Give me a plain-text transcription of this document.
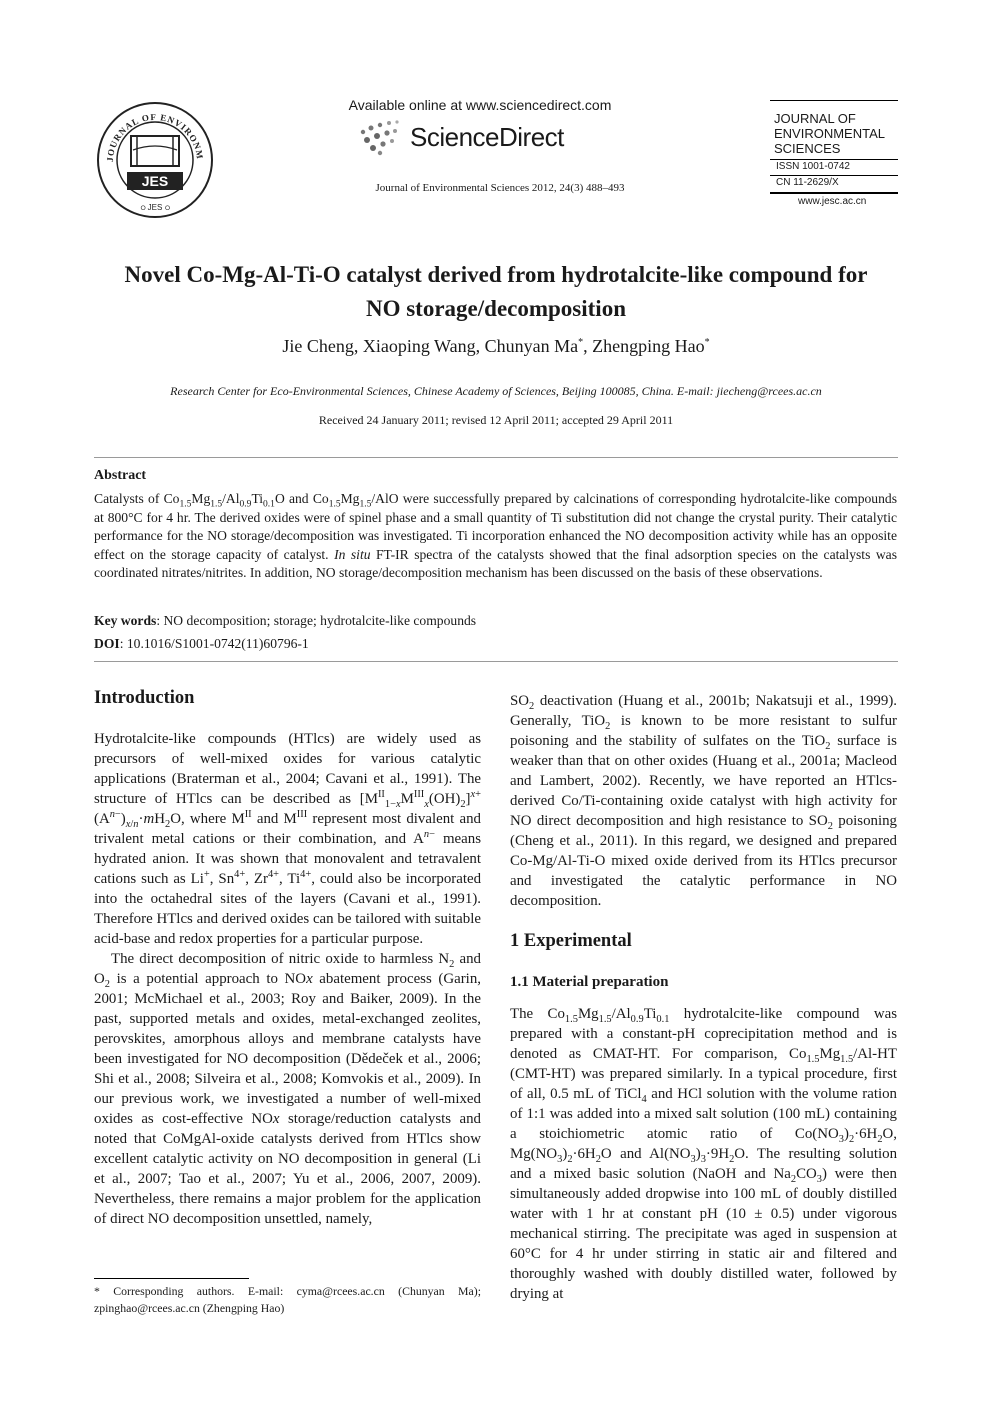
JOURNAL OF ENVIRONM
JES
ഠ JES ഠ
Available online at www.sciencedirect.com
ScienceDirect
Journal of Environmental Sciences 2012, 24(3) 488–493
JOURNAL OF
ENVIRONMENTAL
SCIENCES
ISSN 1001-0742
CN 11-2629/X
www.jesc.ac.cn
Novel Co-Mg-Al-Ti-O catalyst derived from hydrotalcite-like compound for
NO storage/decomposition
Jie Cheng, Xiaoping Wang, Chunyan Ma*, Zhengping Hao*
Research Center for Eco-Environmental Sciences, Chinese Academy of Sciences, Beijing 100085, China. E-mail: jiecheng@rcees.ac.cn
Received 24 January 2011; revised 12 April 2011; accepted 29 April 2011
Abstract
Catalysts of $Co_{1.5}Mg_{1.5}/Al_{0.9}Ti_{0.1}O$ and $Co_{1.5}Mg_{1.5}$/AlO were successfully prepared by calcinations of corresponding hydrotalcite-like compounds at 800°C for 4 hr. The derived oxides were of spinel phase and a small quantity of Ti substitution did not change the crystal purity. Their catalytic performance for the NO storage/decomposition was investigated. Ti incorporation enhanced the NO decomposition activity while has an opposite effect on the storage capacity of catalyst. In situ FT-IR spectra of the catalysts showed that the final adsorption species on the catalysts was coordinated nitrates/nitrites. In addition, NO storage/decomposition mechanism has been discussed on the basis of these observations.
Key words: NO decomposition; storage; hydrotalcite-like compounds
DOI: 10.1016/S1001-0742(11)60796-1
Introduction

Hydrotalcite-like compounds (HTlcs) are widely used as precursors of well-mixed oxides for various catalytic applications (Braterman et al., 2004; Cavani et al., 1991). The structure of HTlcs can be described as $[M^{II}_{1-x}M^{III}_x(OH)_2]^{x+}(A^{n-})_{x/n}\cdot mH_2O$, where $M^{II}$ and $M^{III}$ represent most divalent and trivalent metal cations or their combination, and $A^{n-}$ means hydrated anion. It was shown that monovalent and tetravalent cations such as Li+, $Sn^{4+}$, $Zr^{4+}$, $Ti^{4+}$, could also be incorporated into the octahedral sites of the layers (Cavani et al., 1991). Therefore HTlcs and derived oxides can be tailored with suitable acid-base and redox properties for a particular purpose.

The direct decomposition of nitric oxide to harmless $N_2$ and $O_2$ is a potential approach to NOx abatement process (Garin, 2001; McMichael et al., 2003; Roy and Baiker, 2009). In the past, supported metals and oxides, metal-exchanged zeolites, perovskites, amorphous alloys and membrane catalysts have been investigated for NO decomposition (Dědeček et al., 2006; Shi et al., 2008; Silveira et al., 2008; Komvokis et al., 2009). In our previous work, we investigated a number of well-mixed oxides as cost-effective NOx storage/reduction catalysts and noted that CoMgAl-oxide catalysts derived from HTlcs show excellent catalytic activity on NO decomposition in general (Li et al., 2007; Tao et al., 2007; Yu et al., 2006, 2007, 2009). Nevertheless, there remains a major problem for the application of direct NO decomposition unsettled, namely,

* Corresponding authors. E-mail: cyma@rcees.ac.cn (Chunyan Ma); zpinghao@rcees.ac.cn (Zhengping Hao)

$SO_2$ deactivation (Huang et al., 2001b; Nakatsuji et al., 1999). Generally, TiO$_2$ is known to be more resistant to sulfur poisoning and the stability of sulfates on the TiO$_2$ surface is weaker than that on other oxides (Huang et al., 2001a; Macleod and Lambert, 2002). Recently, we have reported an HTlcs-derived Co/Ti-containing oxide catalyst with high activity for NO direct decomposition and high resistance to $SO_2$ poisoning (Cheng et al., 2011). In this regard, we designed and prepared Co-Mg/Al-Ti-O mixed oxide derived from its HTlcs precursor and investigated the catalytic performance in NO decomposition.

1 Experimental
1.1 Material preparation

The $Co_{1.5}Mg_{1.5}/Al_{0.9}Ti_{0.1}$ hydrotalcite-like compound was prepared with a constant-pH coprecipitation method and is denoted as CMAT-HT. For comparison, $Co_{1.5}Mg_{1.5}/Al-HT$ (CMT-HT) was prepared similarly. In a typical procedure, first of all, 0.5 mL of TiCl$_4$ and HCl solution with the volume ration of 1:1 was added into a mixed salt solution (100 mL) containing a stoichiometric atomic ratio of $Co(NO_3)_2\cdot 6H_2O$, $Mg(NO_3)_2\cdot 6H_2O$ and $Al(NO_3)_3\cdot 9H_2O$. The resulting solution and a mixed basic solution (NaOH and $Na_2CO_3$) were then simultaneously added dropwise into 100 mL of doubly distilled water with 1 hr at constant pH (10 ± 0.5) under vigorous mechanical stirring. The precipitate was aged in suspension at 60°C for 4 hr under stirring in static air and filtered and thoroughly washed with doubly distilled water, followed by drying at
